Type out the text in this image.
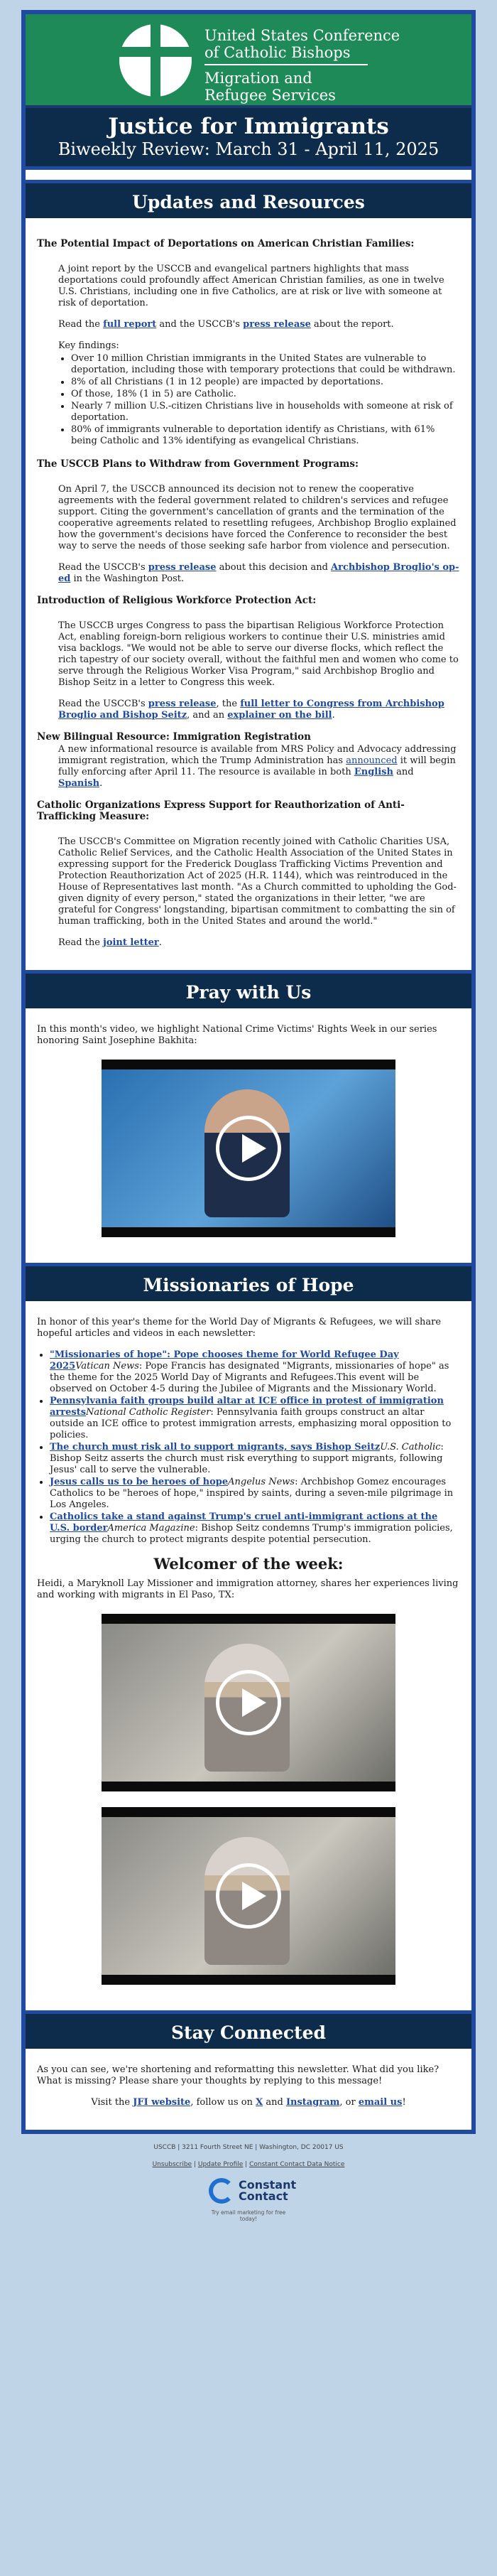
United States Conference
of Catholic Bishops
Migration and
Refugee Services
Justice for Immigrants
Biweekly Review: March 31 - April 11, 2025
Updates and Resources
The Potential Impact of Deportations on American Christian Families:

A joint report by the USCCB and evangelical partners highlights that mass deportations could profoundly affect American Christian families, as one in twelve U.S. Christians, including one in five Catholics, are at risk or live with someone at risk of deportation.

Read the full report and the USCCB's press release about the report.

Key findings:

• Over 10 million Christian immigrants in the United States are vulnerable to deportation, including those with temporary protections that could be withdrawn.
• 8% of all Christians (1 in 12 people) are impacted by deportations.
• Of those, 18% (1 in 5) are Catholic.
• Nearly 7 million U.S.-citizen Christians live in households with someone at risk of deportation.
• 80% of immigrants vulnerable to deportation identify as Christians, with 61% being Catholic and 13% identifying as evangelical Christians.
The USCCB Plans to Withdraw from Government Programs:

On April 7, the USCCB announced its decision not to renew the cooperative agreements with the federal government related to children's services and refugee support. Citing the government's cancellation of grants and the termination of the cooperative agreements related to resettling refugees, Archbishop Broglio explained how the government's decisions have forced the Conference to reconsider the best way to serve the needs of those seeking safe harbor from violence and persecution.

Read the USCCB's press release about this decision and Archbishop Broglio's op-ed in the Washington Post.

Introduction of Religious Workforce Protection Act:

The USCCB urges Congress to pass the bipartisan Religious Workforce Protection Act, enabling foreign-born religious workers to continue their U.S. ministries amid visa backlogs. "We would not be able to serve our diverse flocks, which reflect the rich tapestry of our society overall, without the faithful men and women who come to serve through the Religious Worker Visa Program," said Archbishop Broglio and Bishop Seitz in a letter to Congress this week.

Read the USCCB's press release, the full letter to Congress from Archbishop Broglio and Bishop Seitz, and an explainer on the bill.

New Bilingual Resource: Immigration Registration

A new informational resource is available from MRS Policy and Advocacy addressing immigrant registration, which the Trump Administration has announced it will begin fully enforcing after April 11. The resource is available in both English and Spanish.

Catholic Organizations Express Support for Reauthorization of Anti-Trafficking Measure:

The USCCB's Committee on Migration recently joined with Catholic Charities USA, Catholic Relief Services, and the Catholic Health Association of the United States in expressing support for the Frederick Douglass Trafficking Victims Prevention and Protection Reauthorization Act of 2025 (H.R. 1144), which was reintroduced in the House of Representatives last month. "As a Church committed to upholding the God-given dignity of every person," stated the organizations in their letter, "we are grateful for Congress' longstanding, bipartisan commitment to combatting the sin of human trafficking, both in the United States and around the world."

Read the joint letter.

Pray with Us

In this month's video, we highlight National Crime Victims' Rights Week in our series honoring Saint Josephine Bakhita:

Missionaries of Hope

In honor of this year's theme for the World Day of Migrants & Refugees, we will share hopeful articles and videos in each newsletter:

• "Missionaries of hope": Pope chooses theme for World Refugee Day 2025Vatican News: Pope Francis has designated "Migrants, missionaries of hope" as the theme for the 2025 World Day of Migrants and Refugees.This event will be observed on October 4-5 during the Jubilee of Migrants and the Missionary World.
• Pennsylvania faith groups build altar at ICE office in protest of immigration arrestsNational Catholic Register: Pennsylvania faith groups construct an altar outside an ICE office to protest immigration arrests, emphasizing moral opposition to policies.
• The church must risk all to support migrants, says Bishop SeitzU.S. Catholic: Bishop Seitz asserts the church must risk everything to support migrants, following Jesus' call to serve the vulnerable.
• Jesus calls us to be heroes of hopeAngelus News: Archbishop Gomez encourages Catholics to be "heroes of hope," inspired by saints, during a seven-mile pilgrimage in Los Angeles.
• Catholics take a stand against Trump's cruel anti-immigrant actions at the U.S. borderAmerica Magazine: Bishop Seitz condemns Trump's immigration policies, urging the church to protect migrants despite potential persecution.
Welcomer of the week:

Heidi, a Maryknoll Lay Missioner and immigration attorney, shares her experiences living and working with migrants in El Paso, TX:

Stay Connected

As you can see, we're shortening and reformatting this newsletter. What did you like? What is missing? Please share your thoughts by replying to this message!

Visit the JFI website, follow us on X and Instagram, or email us!

USCCB | 3211 Fourth Street NE | Washington, DC 20017 US
Unsubscribe | Update Profile | Constant Contact Data Notice
Constant
Contact
Try email marketing for free today!
